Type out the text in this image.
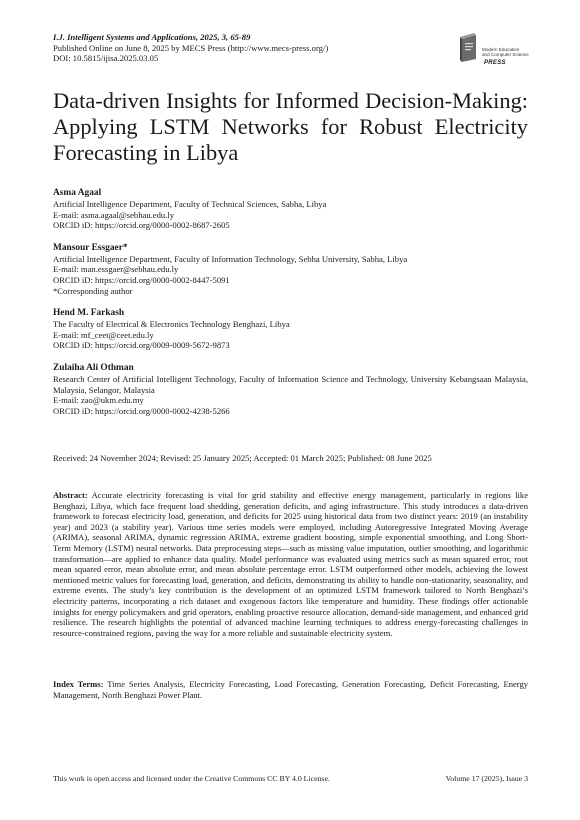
I.J. Intelligent Systems and Applications, 2025, 3, 65-89
Published Online on June 8, 2025 by MECS Press (http://www.mecs-press.org/)
DOI: 10.5815/ijisa.2025.03.05
Modern Education
and Computer Science
PRESS
Data-driven Insights for Informed Decision-Making: Applying LSTM Networks for Robust Electricity Forecasting in Libya
Asma Agaal
Artificial Intelligence Department, Faculty of Technical Sciences, Sabha, Libya
E-mail: asma.agaal@sebhau.edu.ly
ORCID iD: https://orcid.org/0000-0002-8687-2605
Mansour Essgaer*
Artificial Intelligence Department, Faculty of Information Technology, Sebha University, Sabha, Libya
E-mail: man.essgaer@sebhau.edu.ly
ORCID iD: https://orcid.org/0000-0002-8447-5091
*Corresponding author
Hend M. Farkash
The Faculty of Electrical & Electronics Technology Benghazi, Libya
E-mail: mf_ceet@ceet.edu.ly
ORCID iD: https://orcid.org/0009-0009-5672-9873
Zulaiha Ali Othman
Research Center of Artificial Intelligent Technology, Faculty of Information Science and Technology, University Kebangsaan Malaysia, Malaysia, Selangor, Malaysia
E-mail: zao@ukm.edu.my
ORCID iD: https://orcid.org/0000-0002-4238-5266
Received: 24 November 2024; Revised: 25 January 2025; Accepted: 01 March 2025; Published: 08 June 2025
Abstract: Accurate electricity forecasting is vital for grid stability and effective energy management, particularly in regions like Benghazi, Libya, which face frequent load shedding, generation deficits, and aging infrastructure. This study introduces a data-driven framework to forecast electricity load, generation, and deficits for 2025 using historical data from two distinct years: 2019 (an instability year) and 2023 (a stability year). Various time series models were employed, including Autoregressive Integrated Moving Average (ARIMA), seasonal ARIMA, dynamic regression ARIMA, extreme gradient boosting, simple exponential smoothing, and Long Short-Term Memory (LSTM) neural networks. Data preprocessing steps—such as missing value imputation, outlier smoothing, and logarithmic transformation—are applied to enhance data quality. Model performance was evaluated using metrics such as mean squared error, root mean squared error, mean absolute error, and mean absolute percentage error. LSTM outperformed other models, achieving the lowest mentioned metric values for forecasting load, generation, and deficits, demonstrating its ability to handle non-stationarity, seasonality, and extreme events. The study’s key contribution is the development of an optimized LSTM framework tailored to North Benghazi’s electricity patterns, incorporating a rich dataset and exogenous factors like temperature and humidity. These findings offer actionable insights for energy policymakers and grid operators, enabling proactive resource allocation, demand-side management, and enhanced grid resilience. The research highlights the potential of advanced machine learning techniques to address energy-forecasting challenges in resource-constrained regions, paving the way for a more reliable and sustainable electricity system.
Index Terms: Time Series Analysis, Electricity Forecasting, Load Forecasting, Generation Forecasting, Deficit Forecasting, Energy Management, North Benghazi Power Plant.
This work is open access and licensed under the Creative Commons CC BY 4.0 License.	Volume 17 (2025), Issue 3
